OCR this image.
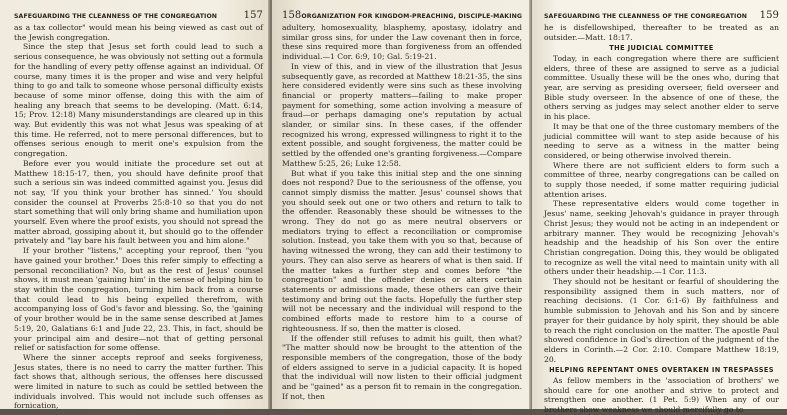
SAFEGUARDING THE CLEANNESS OF THE CONGREGATION	157

as a tax collector" would mean his being viewed as cast out of the Jewish congregation.

Since the step that Jesus set forth could lead to such a serious consequence, he was obviously not setting out a formula for the handling of every petty offense against an individual. Of course, many times it is the proper and wise and very helpful thing to go and talk to someone whose personal difficulty exists because of some minor offense, doing this with the aim of healing any breach that seems to be developing. (Matt. 6:14, 15; Prov. 12:18) Many misunderstandings are cleared up in this way. But evidently this was not what Jesus was speaking of at this time. He referred, not to mere personal differences, but to offenses serious enough to merit one's expulsion from the congregation.

Before ever you would initiate the procedure set out at Matthew 18:15-17, then, you should have definite proof that such a serious sin was indeed committed against you. Jesus did not say, 'If you think your brother has sinned.' You should consider the counsel at Proverbs 25:8-10 so that you do not start something that will only bring shame and humiliation upon yourself. Even where the proof exists, you should not spread the matter abroad, gossiping about it, but should go to the offender privately and "lay bare his fault between you and him alone."

If your brother "listens," accepting your reproof, then "you have gained your brother." Does this refer simply to effecting a personal reconciliation? No, but as the rest of Jesus' counsel shows, it must mean 'gaining him' in the sense of helping him to stay within the congregation, turning him back from a course that could lead to his being expelled therefrom, with accompanying loss of God's favor and blessing. So, the 'gaining of your brother would be in the same sense described at James 5:19, 20, Galatians 6:1 and Jude 22, 23. This, in fact, should be your principal aim and desire—not that of getting personal relief or satisfaction for some offense.

Where the sinner accepts reproof and seeks forgiveness, Jesus states, there is no need to carry the matter further. This fact shows that, although serious, the offenses here discussed were limited in nature to such as could be settled between the individuals involved. This would not include such offenses as fornication,

158 ORGANIZATION FOR KINGDOM-PREACHING, DISCIPLE-MAKING

adultery, homosexuality, blasphemy, apostasy, idolatry and similar gross sins, for under the Law covenant then in force, these sins required more than forgiveness from an offended individual.—1 Cor. 6:9, 10; Gal. 5:19-21.

In view of this, and in view of the illustration that Jesus subsequently gave, as recorded at Matthew 18:21-35, the sins here considered evidently were sins such as these involving financial or property matters—failing to make proper payment for something, some action involving a measure of fraud—or perhaps damaging one's reputation by actual slander, or similar sins. In these cases, if the offender recognized his wrong, expressed willingness to right it to the extent possible, and sought forgiveness, the matter could be settled by the offended one's granting forgiveness.—Compare Matthew 5:25, 26; Luke 12:58.

But what if you take this initial step and the one sinning does not respond? Due to the seriousness of the offense, you cannot simply dismiss the matter. Jesus' counsel shows that you should seek out one or two others and return to talk to the offender. Reasonably these should be witnesses to the wrong. They do not go as mere neutral observers or mediators trying to effect a reconciliation or compromise solution. Instead, you take them with you so that, because of having witnessed the wrong, they can add their testimony to yours. They can also serve as hearers of what is then said. If the matter takes a further step and comes before "the congregation" and the offender denies or alters certain statements or admissions made, these others can give their testimony and bring out the facts. Hopefully the further step will not be necessary and the individual will respond to the combined efforts made to restore him to a course of righteousness. If so, then the matter is closed.

If the offender still refuses to admit his guilt, then what? "The matter should now be brought to the attention of the responsible members of the congregation, those of the body of elders assigned to serve in a judicial capacity. It is hoped that the individual will now listen to their official judgment and be "gained" as a person fit to remain in the congregation. If not, then

SAFEGUARDING THE CLEANNESS OF THE CONGREGATION 159

he is disfellowshiped, thereafter to be treated as an outsider.—Matt. 18:17.

THE JUDICIAL COMMITTEE

Today, in each congregation where there are sufficient elders, three of these are assigned to serve as a judicial committee. Usually these will be the ones who, during that year, are serving as presiding overseer, field overseer and Bible study overseer. In the absence of one of these, the others serving as judges may select another elder to serve in his place.

It may be that one of the three customary members of the judicial committee will want to step aside because of his needing to serve as a witness in the matter being considered, or being otherwise involved therein.

Where there are not sufficient elders to form such a committee of three, nearby congregations can be called on to supply those needed, if some matter requiring judicial attention arises.

These representative elders would come together in Jesus' name, seeking Jehovah's guidance in prayer through Christ Jesus; they would not be acting in an independent or arbitrary manner. They would be recognizing Jehovah's headship and the headship of his Son over the entire Christian congregation. Doing this, they would be obligated to recognize as well the vital need to maintain unity with all others under their headship.—1 Cor. 11:3.

They should not be hesitant or fearful of shouldering the responsibility assigned them in such matters, nor of reaching decisions. (1 Cor. 6:1-6) By faithfulness and humble submission to Jehovah and his Son and by sincere prayer for their guidance by holy spirit, they should be able to reach the right conclusion on the matter. The apostle Paul showed confidence in God's direction of the judgment of the elders in Corinth.—2 Cor. 2:10. Compare Matthew 18:19, 20.

HELPING REPENTANT ONES OVERTAKEN IN TRESPASSES

As fellow members in the 'association of brothers' we should care for one another and strive to protect and strengthen one another. (1 Pet. 5:9) When any of our brothers show weakness we should mercifully go to
